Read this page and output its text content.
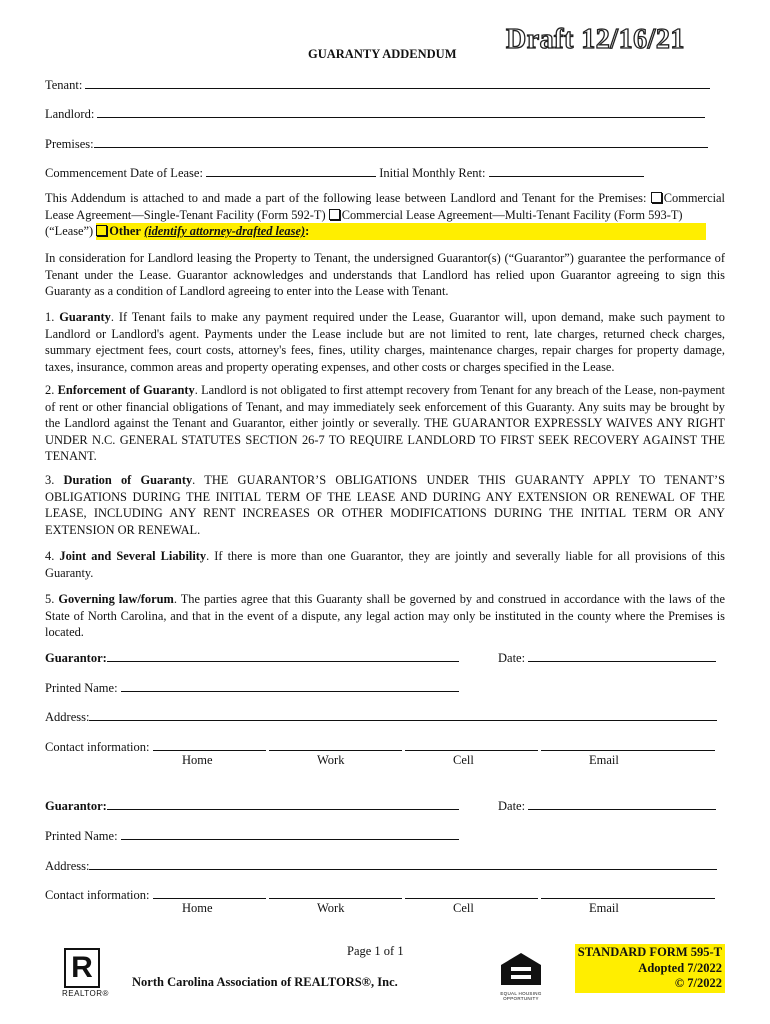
GUARANTY ADDENDUM Draft 12/16/21
Tenant:
Landlord:
Premises:
Commencement Date of Lease:	Initial Monthly Rent:
This Addendum is attached to and made a part of the following lease between Landlord and Tenant for the Premises: Commercial Lease Agreement—Single-Tenant Facility (Form 592-T) Commercial Lease Agreement—Multi-Tenant Facility (Form 593-T)
(“Lease”) Other (identify attorney-drafted lease):
In consideration for Landlord leasing the Property to Tenant, the undersigned Guarantor(s) (“Guarantor”) guarantee the performance of Tenant under the Lease. Guarantor acknowledges and understands that Landlord has relied upon Guarantor agreeing to sign this Guaranty as a condition of Landlord agreeing to enter into the Lease with Tenant.
1. Guaranty. If Tenant fails to make any payment required under the Lease, Guarantor will, upon demand, make such payment to Landlord or Landlord's agent. Payments under the Lease include but are not limited to rent, late charges, returned check charges, summary ejectment fees, court costs, attorney's fees, fines, utility charges, maintenance charges, repair charges for property damage, taxes, insurance, common areas and property operating expenses, and other costs or charges specified in the Lease.
2. Enforcement of Guaranty. Landlord is not obligated to first attempt recovery from Tenant for any breach of the Lease, non-payment of rent or other financial obligations of Tenant, and may immediately seek enforcement of this Guaranty. Any suits may be brought by the Landlord against the Tenant and Guarantor, either jointly or severally. THE GUARANTOR EXPRESSLY WAIVES ANY RIGHT UNDER N.C. GENERAL STATUTES SECTION 26-7 TO REQUIRE LANDLORD TO FIRST SEEK RECOVERY AGAINST THE TENANT.
3. Duration of Guaranty. THE GUARANTOR’S OBLIGATIONS UNDER THIS GUARANTY APPLY TO TENANT’S OBLIGATIONS DURING THE INITIAL TERM OF THE LEASE AND DURING ANY EXTENSION OR RENEWAL OF THE LEASE, INCLUDING ANY RENT INCREASES OR OTHER MODIFICATIONS DURING THE INITIAL TERM OR ANY EXTENSION OR RENEWAL.
4. Joint and Several Liability. If there is more than one Guarantor, they are jointly and severally liable for all provisions of this Guaranty.
5. Governing law/forum. The parties agree that this Guaranty shall be governed by and construed in accordance with the laws of the State of North Carolina, and that in the event of a dispute, any legal action may only be instituted in the county where the Premises is located.
Guarantor:	Date:
Printed Name:
Address:
Contact information:
Home	Work	Cell	Email
Guarantor:	Date:
Printed Name:
Address:
Contact information:
Home	Work	Cell	Email
Page 1 of 1
North Carolina Association of REALTORS®, Inc.
R
REALTOR®	EQUAL HOUSING OPPORTUNITY
STANDARD FORM 595-T
Adopted 7/2022
© 7/2022
